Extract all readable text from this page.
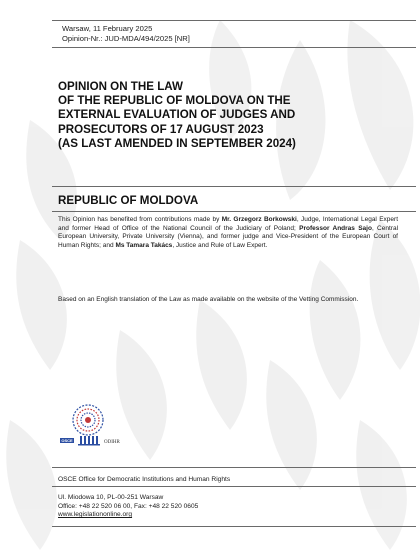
Warsaw, 11 February 2025
Opinion-Nr.: JUD-MDA/494/2025 [NR]
OPINION ON THE LAW
OF THE REPUBLIC OF MOLDOVA ON THE
EXTERNAL EVALUATION OF JUDGES AND
PROSECUTORS OF 17 AUGUST 2023
(AS LAST AMENDED IN SEPTEMBER 2024)
REPUBLIC OF MOLDOVA
This Opinion has benefited from contributions made by Mr. Grzegorz Borkowski, Judge, International Legal Expert and former Head of Office of the National Council of the Judiciary of Poland; Professor Andras Sajo, Central European University, Private University (Vienna), and former judge and Vice-President of the European Court of Human Rights; and Ms Tamara Takács, Justice and Rule of Law Expert.
Based on an English translation of the Law as made available on the website of the Vetting Commission.
OSCE	ODIHR
OSCE Office for Democratic Institutions and Human Rights
Ul. Miodowa 10, PL-00-251 Warsaw
Office: +48 22 520 06 00, Fax: +48 22 520 0605
www.legislationonline.org
